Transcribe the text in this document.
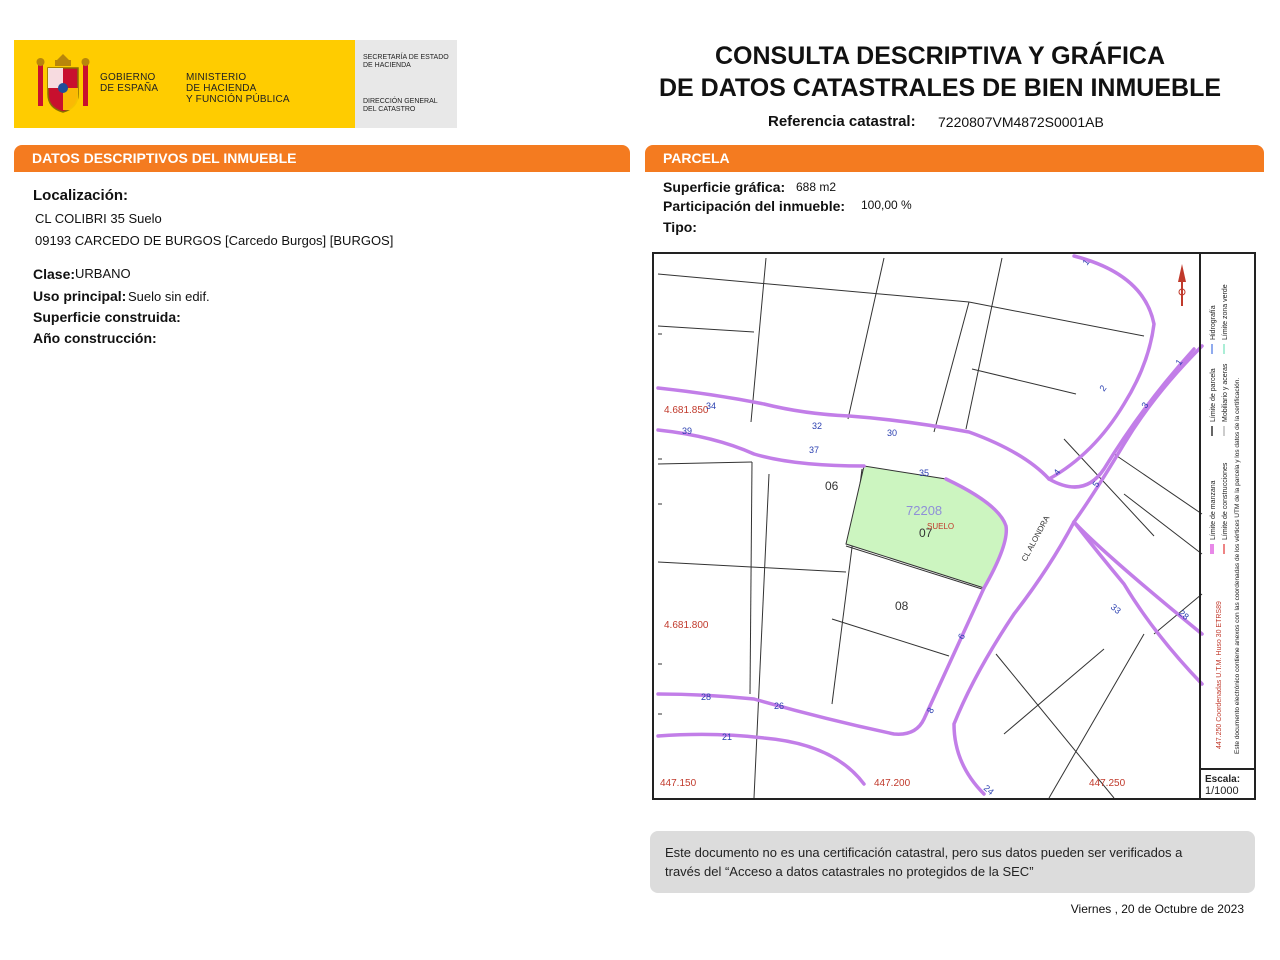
GOBIERNO
DE ESPAÑA
MINISTERIO
DE HACIENDA
Y FUNCIÓN PÚBLICA
SECRETARÍA DE ESTADO
DE HACIENDA
DIRECCIÓN GENERAL
DEL CATASTRO
CONSULTA DESCRIPTIVA Y GRÁFICA
DE DATOS CATASTRALES DE BIEN INMUEBLE
Referencia catastral: 7220807VM4872S0001AB
DATOS DESCRIPTIVOS DEL INMUEBLE
Localización:
CL COLIBRI 35 Suelo
09193 CARCEDO DE BURGOS [Carcedo Burgos] [BURGOS]
Clase: URBANO
Uso principal: Suelo sin edif.
Superficie construida:
Año construcción:
PARCELA
Superficie gráfica: 688 m2
Participación del inmueble: 100,00 %
Tipo:
Límite de manzana
Límite de parcela
Hidrografía
Límite de construcciones
Mobiliario y aceras
Límite zona verde
447.250 Coordenadas U.T.M. Huso 30 ETRS89 Este documento electrónico contiene anexos con las coordenadas de los vértices UTM de la parcela y los datos de la certificación.
Escala:
1/1000
4.681.850
4.681.800
447.150	447.200	447.250
06
07
08
72208
SUELO	CL ALONDRA
34
32
30
39
37
35
2
3
4
5
1
1
28
26
21
6
8
24
33	28
Este documento no es una certificación catastral, pero sus datos pueden ser verificados a
través del “Acceso a datos catastrales no protegidos de la SEC”
Viernes , 20 de Octubre de 2023
